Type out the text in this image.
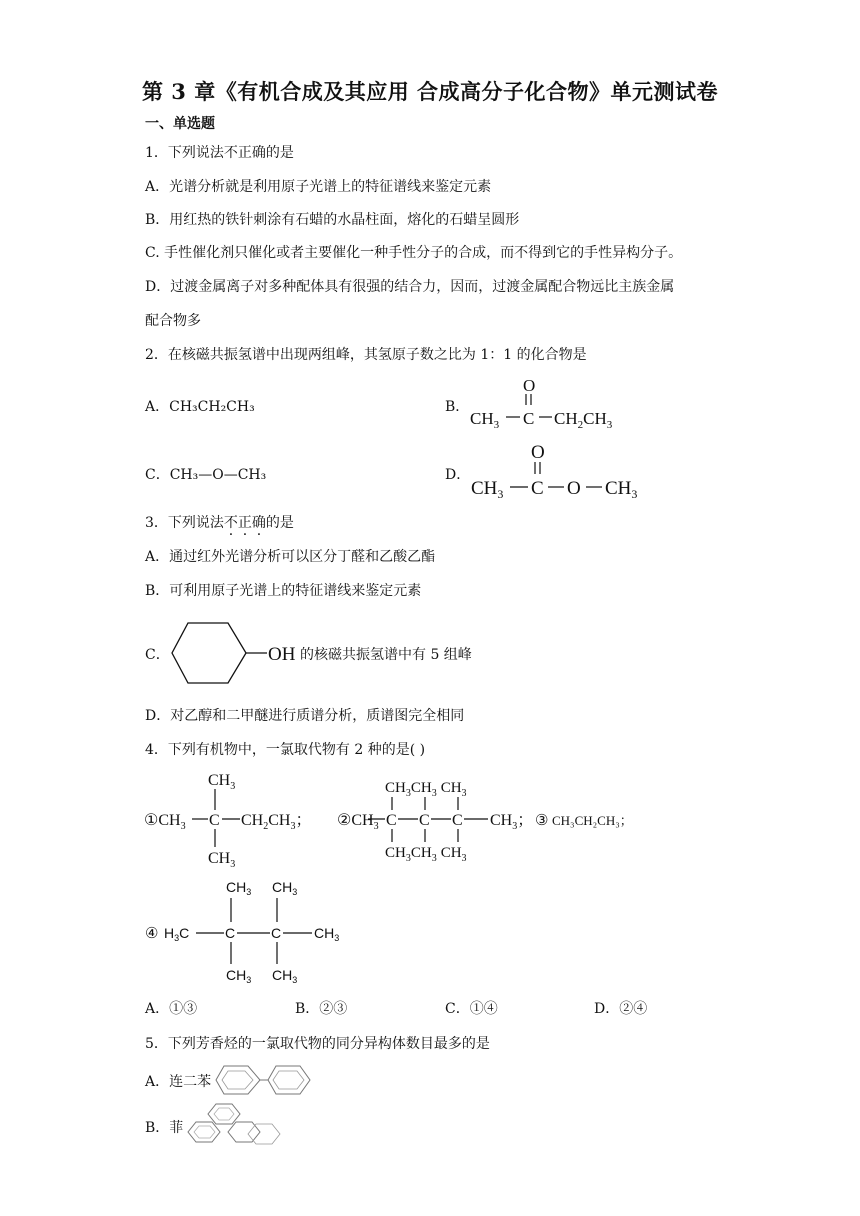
第 3 章《有机合成及其应用 合成高分子化合物》单元测试卷
一、单选题
1．下列说法不正确的是
A．光谱分析就是利用原子光谱上的特征谱线来鉴定元素
B．用红热的铁针刺涂有石蜡的水晶柱面，熔化的石蜡呈圆形
C. 手性催化剂只催化或者主要催化一种手性分子的合成，而不得到它的手性异构分子。
D．过渡金属离子对多种配体具有很强的结合力，因而，过渡金属配合物远比主族金属
配合物多
2．在核磁共振氢谱中出现两组峰，其氢原子数之比为 1：1 的化合物是
A．CH₃CH₂CH₃	B．
O
$CH_3$ C $CH_2CH_3$
C．CH₃—O—CH₃	D．
O
$CH_3$ C O $CH_3$
3．下列说法不正确的是
A．通过红外光谱分析可以区分丁醛和乙酸乙酯
B．可利用原子光谱上的特征谱线来鉴定元素
C．	OH 的核磁共振氢谱中有 5 组峰
D．对乙醇和二甲醚进行质谱分析，质谱图完全相同
4．下列有机物中，一氯取代物有 2 种的是( )
$①CH_3$ C
$CH_3$
$CH_3$
$CH_2CH_3$； $②CH_3$ C C C $CH_3$；
$CH_3CH_3$ $CH_3$
$CH_3CH_3$ $CH_3$
③ CH₃CH₂CH₃；
④ $H_3C$	C	C $CH_3$
$CH_3$ $CH_3$
$CH_3$ $CH_3$
A．①③	B．②③	C．①④	D．②④
5．下列芳香烃的一氯取代物的同分异构体数目最多的是
A．连二苯
B．菲
